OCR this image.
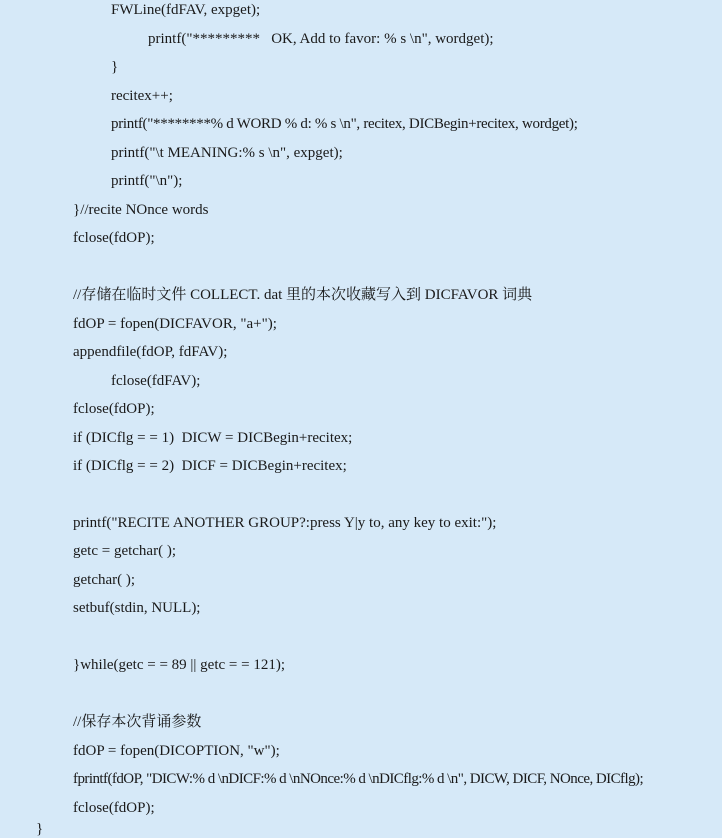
FWLine(fdFAV, expget);
printf("*********   OK, Add to favor: % s \n", wordget);
}
recitex++;
printf("********% d WORD % d: % s \n", recitex, DICBegin+recitex, wordget);
printf("\t MEANING:% s \n", expget);
printf("\n");
}//recite NOnce words
fclose(fdOP);
//存储在临时文件 COLLECT. dat 里的本次收藏写入到 DICFAVOR 词典
fdOP = fopen(DICFAVOR, "a+");
appendfile(fdOP, fdFAV);
fclose(fdFAV);
fclose(fdOP);
if (DICflg = = 1)  DICW = DICBegin+recitex;
if (DICflg = = 2)  DICF = DICBegin+recitex;
printf("RECITE ANOTHER GROUP?:press Y|y to, any key to exit:");
getc = getchar( );
getchar( );
setbuf(stdin, NULL);
}while(getc = = 89 || getc = = 121);
//保存本次背诵参数
fdOP = fopen(DICOPTION, "w");
fprintf(fdOP, "DICW:% d \nDICF:% d \nNOnce:% d \nDICflg:% d \n", DICW, DICF, NOnce, DICflg);
fclose(fdOP);
}
